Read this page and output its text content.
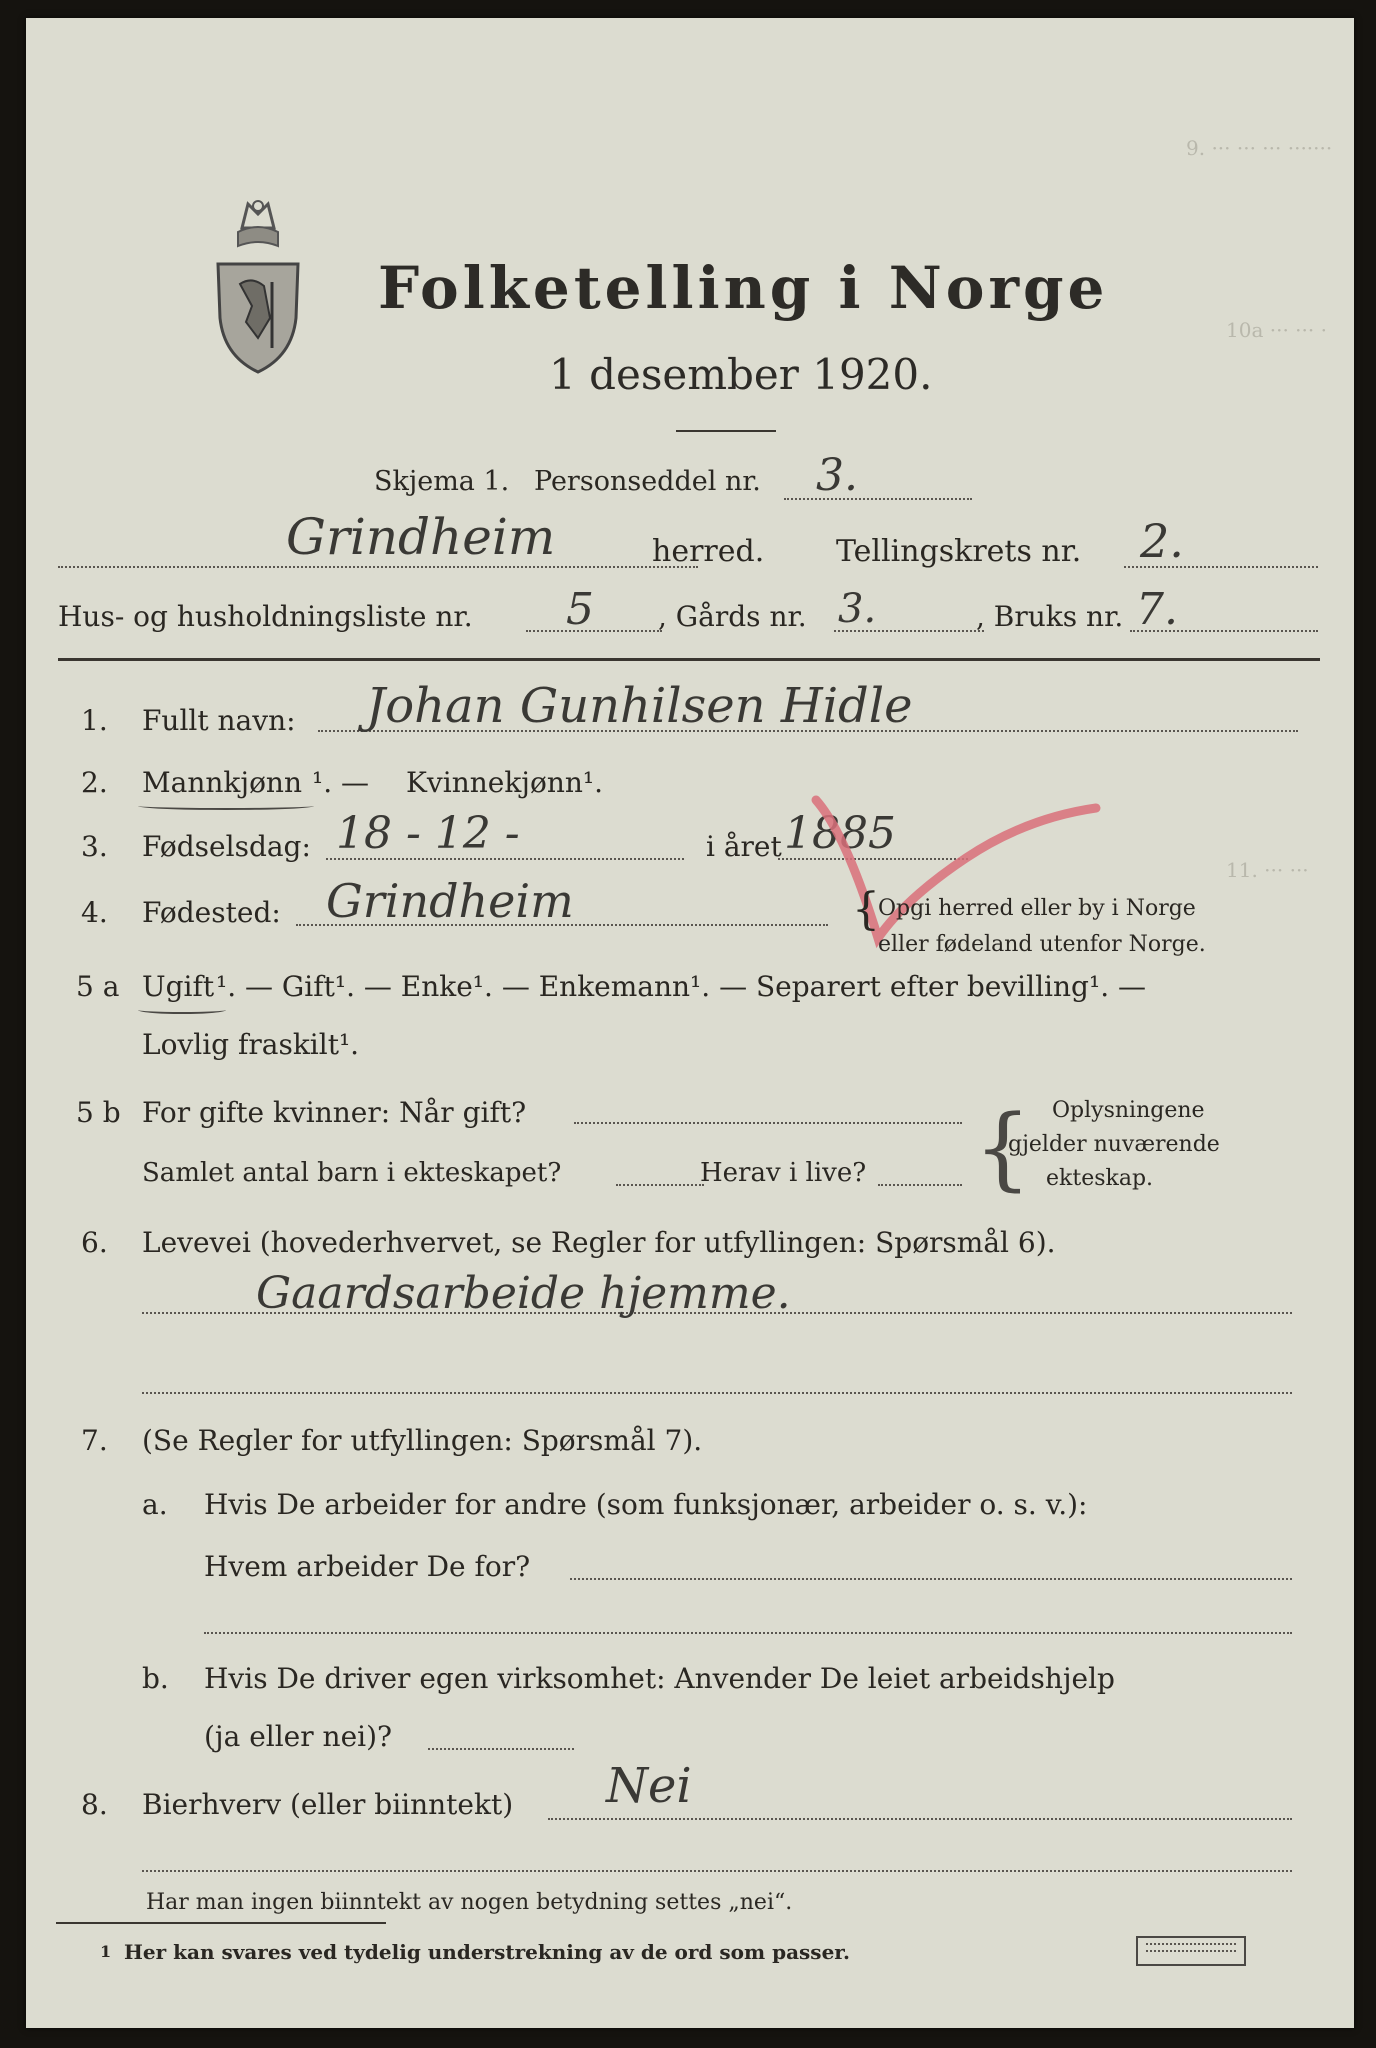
9. ··· ··· ··· ·······
10a ··· ··· ·
11. ··· ···
Folketelling i Norge
1 desember 1920.
Skjema 1. Personseddel nr. 3.
Grindheim	herred. Tellingskrets nr. 2.
Hus- og husholdningsliste nr. 5 , Gårds nr. 3.	, Bruks nr. 7.
1. Fullt navn: Johan Gunhilsen Hidle
2. Mannkjønn ¹. — Kvinnekjønn¹.
3. Fødselsdag: 18 - 12 -	i året 1885
4. Fødested: Grindheim	{
Opgi herred eller by i Norge
eller fødeland utenfor Norge.
5 a Ugift ¹. — Gift¹. — Enke¹. — Enkemann¹. — Separert efter bevilling¹. —
Lovlig fraskilt¹.
5 b For gifte kvinner: Når gift?
Samlet antal barn i ekteskapet?	Herav i live? { Oplysningene
gjelder nuværende
ekteskap.
6. Levevei (hovederhvervet, se Regler for utfyllingen: Spørsmål 6).
Gaardsarbeide hjemme.
7. (Se Regler for utfyllingen: Spørsmål 7).
a. Hvis De arbeider for andre (som funksjonær, arbeider o. s. v.):
Hvem arbeider De for?
b. Hvis De driver egen virksomhet: Anvender De leiet arbeidshjelp
(ja eller nei)?
8. Bierhverv (eller biinntekt) Nei
Har man ingen biinntekt av nogen betydning settes „nei“.
1 Her kan svares ved tydelig understrekning av de ord som passer.
